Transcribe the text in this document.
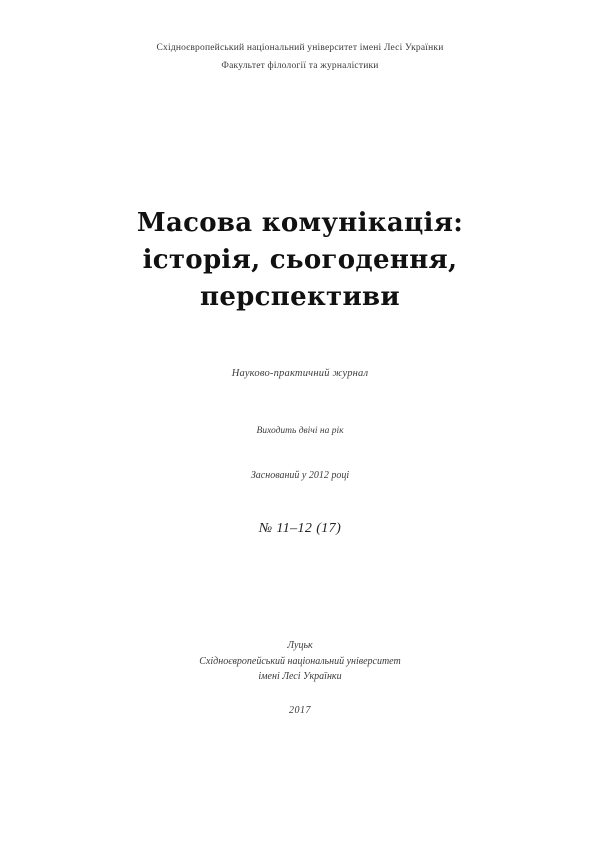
Східноєвропейський національний університет імені Лесі Українки
Факультет філології та журналістики
Масова комунікація:
історія, сьогодення,
перспективи
Науково-практичний журнал
Виходить двічі на рік
Заснований у 2012 році
№ 11–12 (17)
Луцьк
Східноєвропейський національний університет
імені Лесі Українки
2017
